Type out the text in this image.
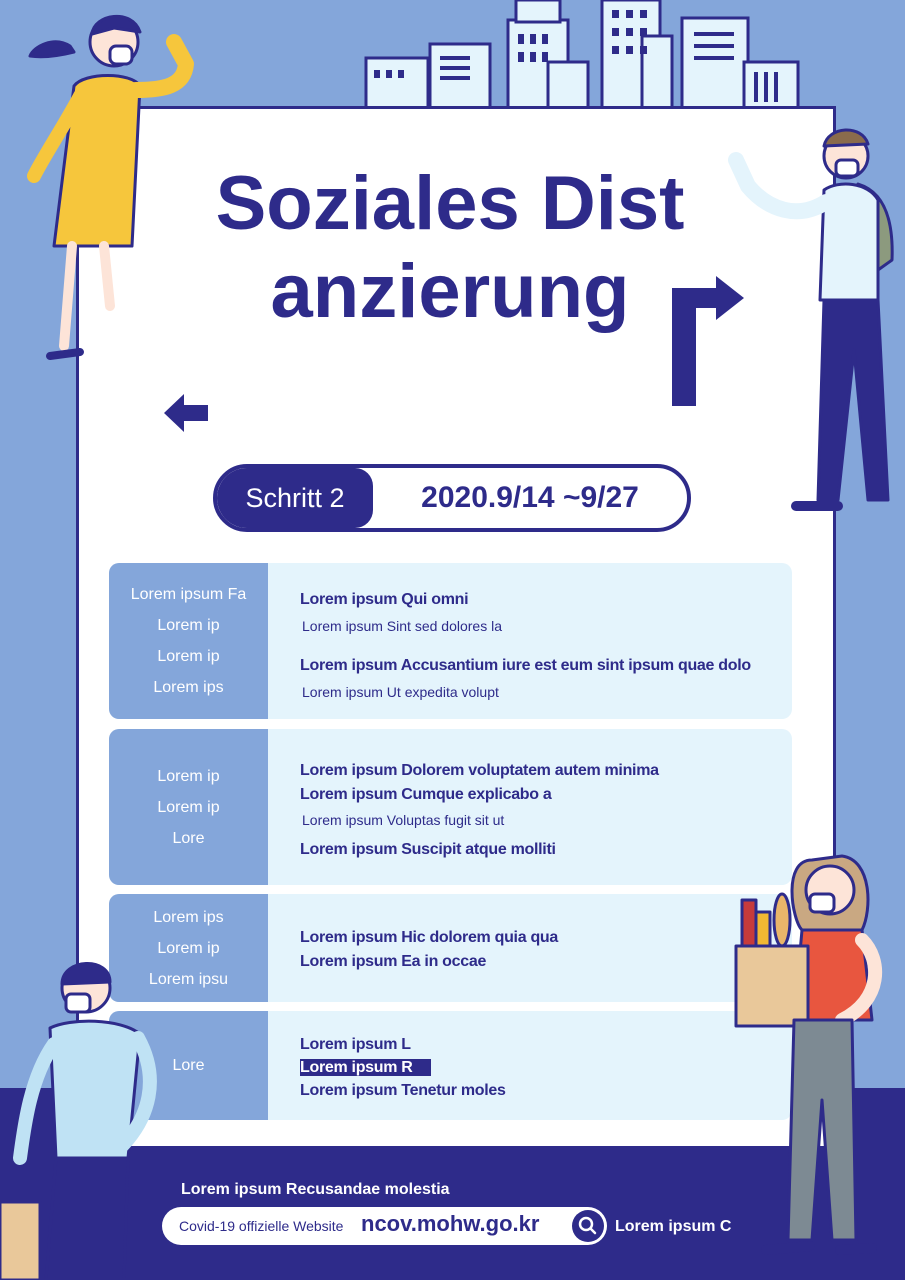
Soziales Distanzierung
Schritt 2	2020.9/14 ~9/27
Lorem ipsum Fa
Lorem ip
Lorem ip
Lorem ips
Lorem ipsum Qui omni
Lorem ipsum Sint sed dolores la
Lorem ipsum Accusantium iure est eum sint ipsum quae dolo
Lorem ipsum Ut expedita volupt
Lorem ip
Lorem ip
Lore
Lorem ipsum Dolorem voluptatem autem minima
Lorem ipsum Cumque explicabo a
Lorem ipsum Voluptas fugit sit ut
Lorem ipsum Suscipit atque molliti
Lorem ips
Lorem ip
Lorem ipsu
Lorem ipsum Hic dolorem quia qua
Lorem ipsum Ea in occae
Lore
Lorem ipsum L
Lorem ipsum R
Lorem ipsum Tenetur moles
Lorem ipsum Recusandae molestia
Covid-19 offizielle Website ncov.mohw.go.kr	Lorem ipsum C
